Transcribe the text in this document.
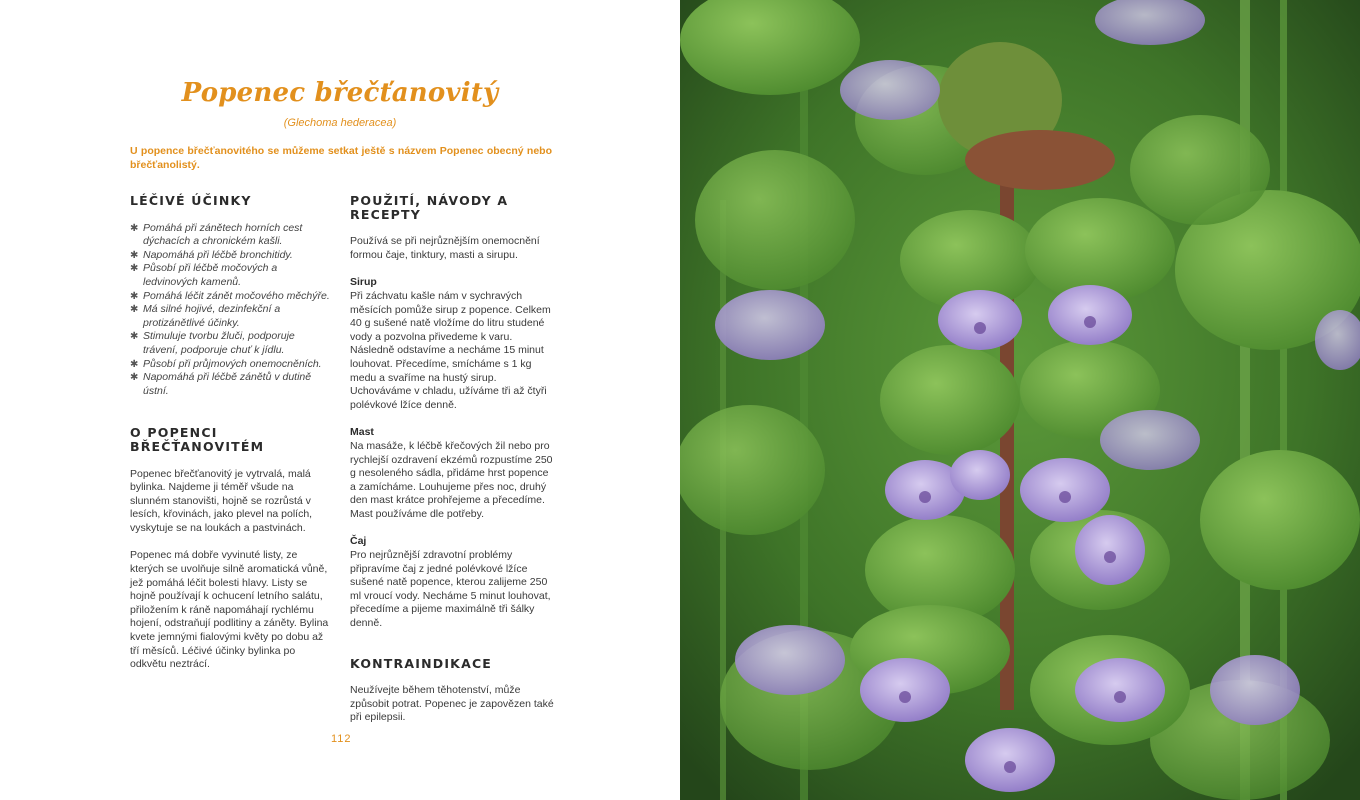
Popenec břečťanovitý
(Glechoma hederacea)
U popence břečťanovitého se můžeme setkat ještě s názvem Popenec obecný nebo břečťanolistý.
LÉČIVÉ ÚČINKY
✱ Pomáhá při zánětech horních cest dýchacích a chronickém kašli.
✱ Napomáhá při léčbě bronchitidy.
✱ Působí při léčbě močových a ledvinových kamenů.
✱ Pomáhá léčit zánět močového měchýře.
✱ Má silné hojivé, dezinfekční a protizánětlivé účinky.
✱ Stimuluje tvorbu žluči, podporuje trávení, podporuje chuť k jídlu.
✱ Působí při průjmových onemocněních.
✱ Napomáhá při léčbě zánětů v dutině ústní.
O POPENCI BŘEČŤANOVITÉM

Popenec břečťanovitý je vytrvalá, malá bylinka. Najdeme ji téměř všude na slunném stanovišti, hojně se rozrůstá v lesích, křovinách, jako plevel na polích, vyskytuje se na loukách a pastvinách.

Popenec má dobře vyvinuté listy, ze kterých se uvolňuje silně aromatická vůně, jež pomáhá léčit bolesti hlavy. Listy se hojně používají k ochucení letního salátu, přiložením k ráně napomáhají rychlému hojení, odstraňují podlitiny a záněty. Bylina kvete jemnými fialovými květy po dobu až tří měsíců. Léčivé účinky bylinka po odkvětu neztrácí.

POUŽITÍ, NÁVODY A RECEPTY

Používá se při nejrůznějším onemocnění formou čaje, tinktury, masti a sirupu.

Sirup

Při záchvatu kašle nám v sychravých měsících pomůže sirup z popence. Celkem 40 g sušené natě vložíme do litru studené vody a pozvolna přivedeme k varu. Následně odstavíme a necháme 15 minut louhovat. Přecedíme, smícháme s 1 kg medu a svaříme na hustý sirup. Uchováváme v chladu, užíváme tři až čtyři polévkové lžíce denně.

Mast

Na masáže, k léčbě křečových žil nebo pro rychlejší ozdravení ekzémů rozpustíme 250 g nesoleného sádla, přidáme hrst popence a zamícháme. Louhujeme přes noc, druhý den mast krátce prohřejeme a přecedíme. Mast používáme dle potřeby.

Čaj

Pro nejrůznější zdravotní problémy připravíme čaj z jedné polévkové lžíce sušené natě popence, kterou zalijeme 250 ml vroucí vody. Necháme 5 minut louhovat, přecedíme a pijeme maximálně tři šálky denně.

KONTRAINDIKACE

Neužívejte během těhotenství, může způsobit potrat. Popenec je zapovězen také při epilepsii.

112
